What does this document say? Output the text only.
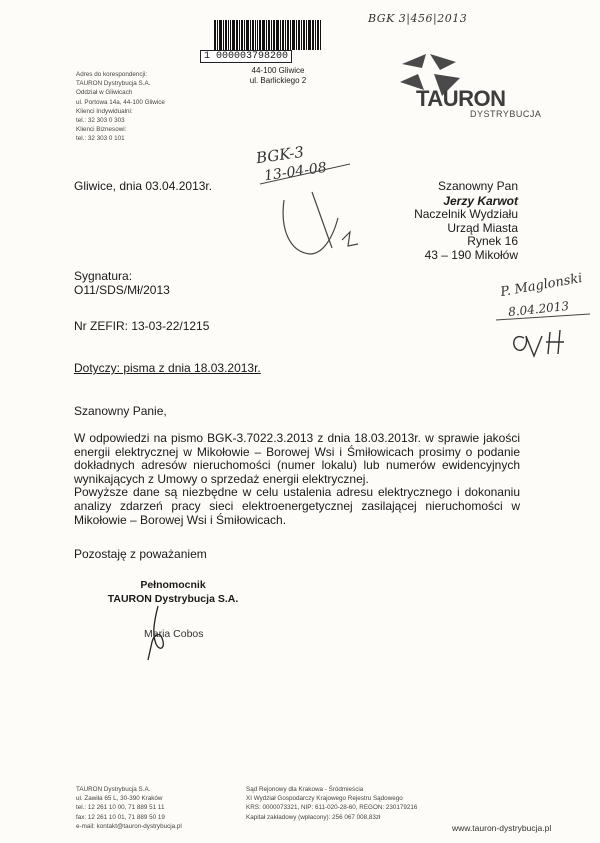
BGK 3|456|2013
1 000003798200
44-100 Gliwice
ul. Barlickiego 2
Adres do korespondencji:
TAURON Dystrybucja S.A.
Oddział w Gliwicach
ul. Portowa 14a, 44-100 Gliwice
Klienci Indywidualni:
tel.: 32 303 0 303
Klienci Biznesowi:
tel.: 32 303 0 101
TAURON
DYSTRYBUCJA
BGK-3
13-04-08
Gliwice, dnia 03.04.2013r.	Szanowny Pan
Jerzy Karwot
Naczelnik Wydziału
Urząd Miasta
Rynek 16
43 – 190 Mikołów
P. Maglonski
8.04.2013
Sygnatura:
O11/SDS/Mł/2013
Nr ZEFIR: 13-03-22/1215
Dotyczy: pisma z dnia 18.03.2013r.
Szanowny Panie,
W odpowiedzi na pismo BGK-3.7022.3.2013 z dnia 18.03.2013r. w sprawie jakości energii elektrycznej w Mikołowie – Borowej Wsi i Śmiłowicach prosimy o podanie dokładnych adresów nieruchomości (numer lokalu) lub numerów ewidencyjnych wynikających z Umowy o sprzedaż energii elektrycznej.
Powyższe dane są niezbędne w celu ustalenia adresu elektrycznego i dokonaniu analizy zdarzeń pracy sieci elektroenergetycznej zasilającej nieruchomości w Mikołowie – Borowej Wsi i Śmiłowicach.
Pozostaję z poważaniem
Pełnomocnik
TAURON Dystrybucja S.A.
Maria Cobos
TAURON Dystrybucja S.A.
ul. Zawiła 65 L, 30-390 Kraków
tel.: 12 261 10 00, 71 889 51 11
fax: 12 261 10 01, 71 889 50 19
e-mail: kontakt@tauron-dystrybucja.pl
Sąd Rejonowy dla Krakowa - Śródmieścia
XI Wydział Gospodarczy Krajowego Rejestru Sądowego
KRS: 0000073321, NIP: 611-020-28-60, REGON: 230179216
Kapitał zakładowy (wpłacony): 256 067 008,83zł
www.tauron-dystrybucja.pl
